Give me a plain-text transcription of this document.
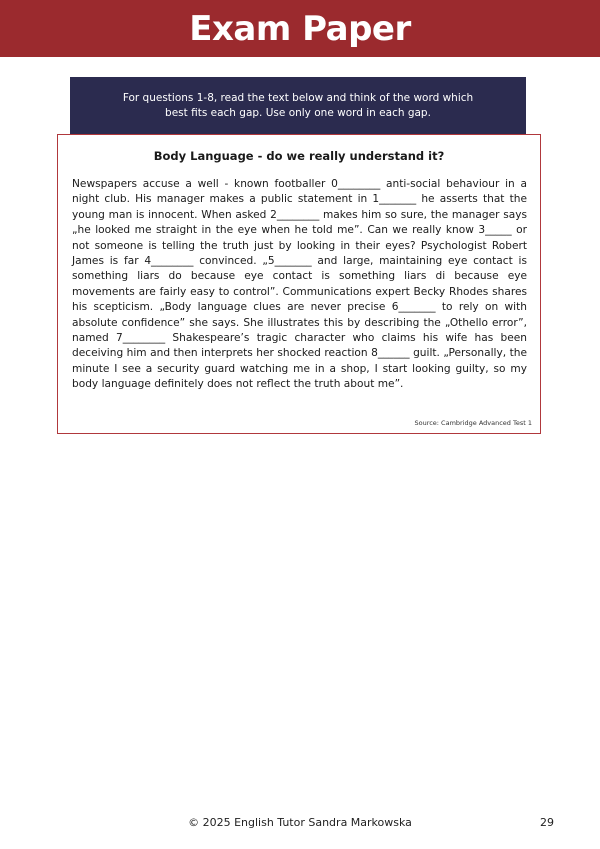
Exam Paper
For questions 1-8, read the text below and think of the word which best fits each gap. Use only one word in each gap.
Body Language - do we really understand it?

Newspapers accuse a well - known footballer 0________ anti-social behaviour in a night club. His manager makes a public statement in 1_______ he asserts that the young man is innocent. When asked 2________ makes him so sure, the manager says „he looked me straight in the eye when he told me”. Can we really know 3_____ or not someone is telling the truth just by looking in their eyes? Psychologist Robert James is far 4________ convinced. „5_______ and large, maintaining eye contact is something liars do because eye contact is something liars di because eye movements are fairly easy to control”. Communications expert Becky Rhodes shares his scepticism. „Body language clues are never precise 6_______ to rely on with absolute confidence” she says. She illustrates this by describing the „Othello error”, named 7________ Shakespeare’s tragic character who claims his wife has been deceiving him and then interprets her shocked reaction 8______ guilt. „Personally, the minute I see a security guard watching me in a shop, I start looking guilty, so my body language definitely does not reflect the truth about me”.

Source: Cambridge Advanced Test 1
© 2025 English Tutor Sandra Markowska	29
